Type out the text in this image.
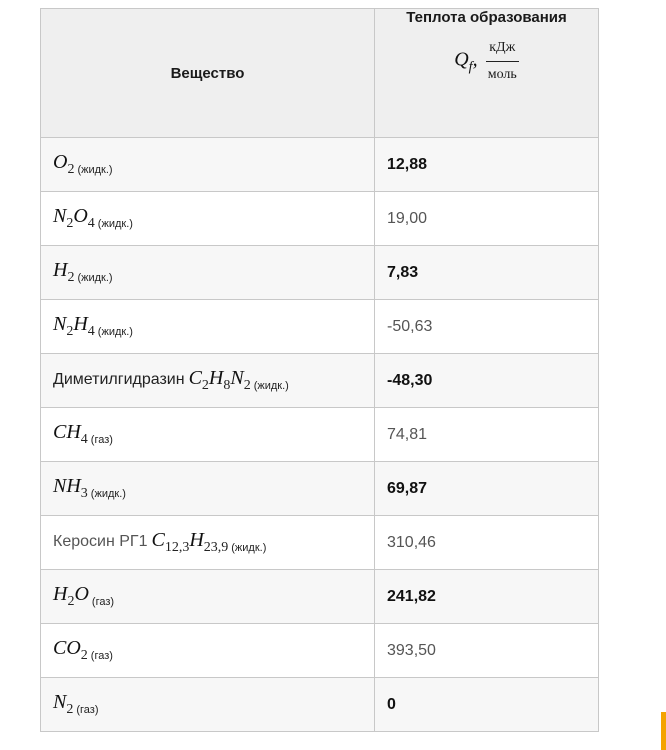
Вещество	Теплота образования
Qf, $\frac{\text{кДж}}{\text{моль}}$

O2 $_{(жидк.)}$	12,88
N2O4 $_{(жидк.)}$	19,00
H2 $_{(жидк.)}$	7,83
N2H4 $_{(жидк.)}$	-50,63
Диметилгидразин C2H8N2 $_{(жидк.)}$	-48,30
CH4 $_{(газ)}$	74,81
NH3 $_{(жидк.)}$	69,87
Керосин РГ1 C12,3H23,9 $_{(жидк.)}$	310,46
H2O $_{(газ)}$	241,82
CO2 $_{(газ)}$	393,50
N2 $_{(газ)}$	0
